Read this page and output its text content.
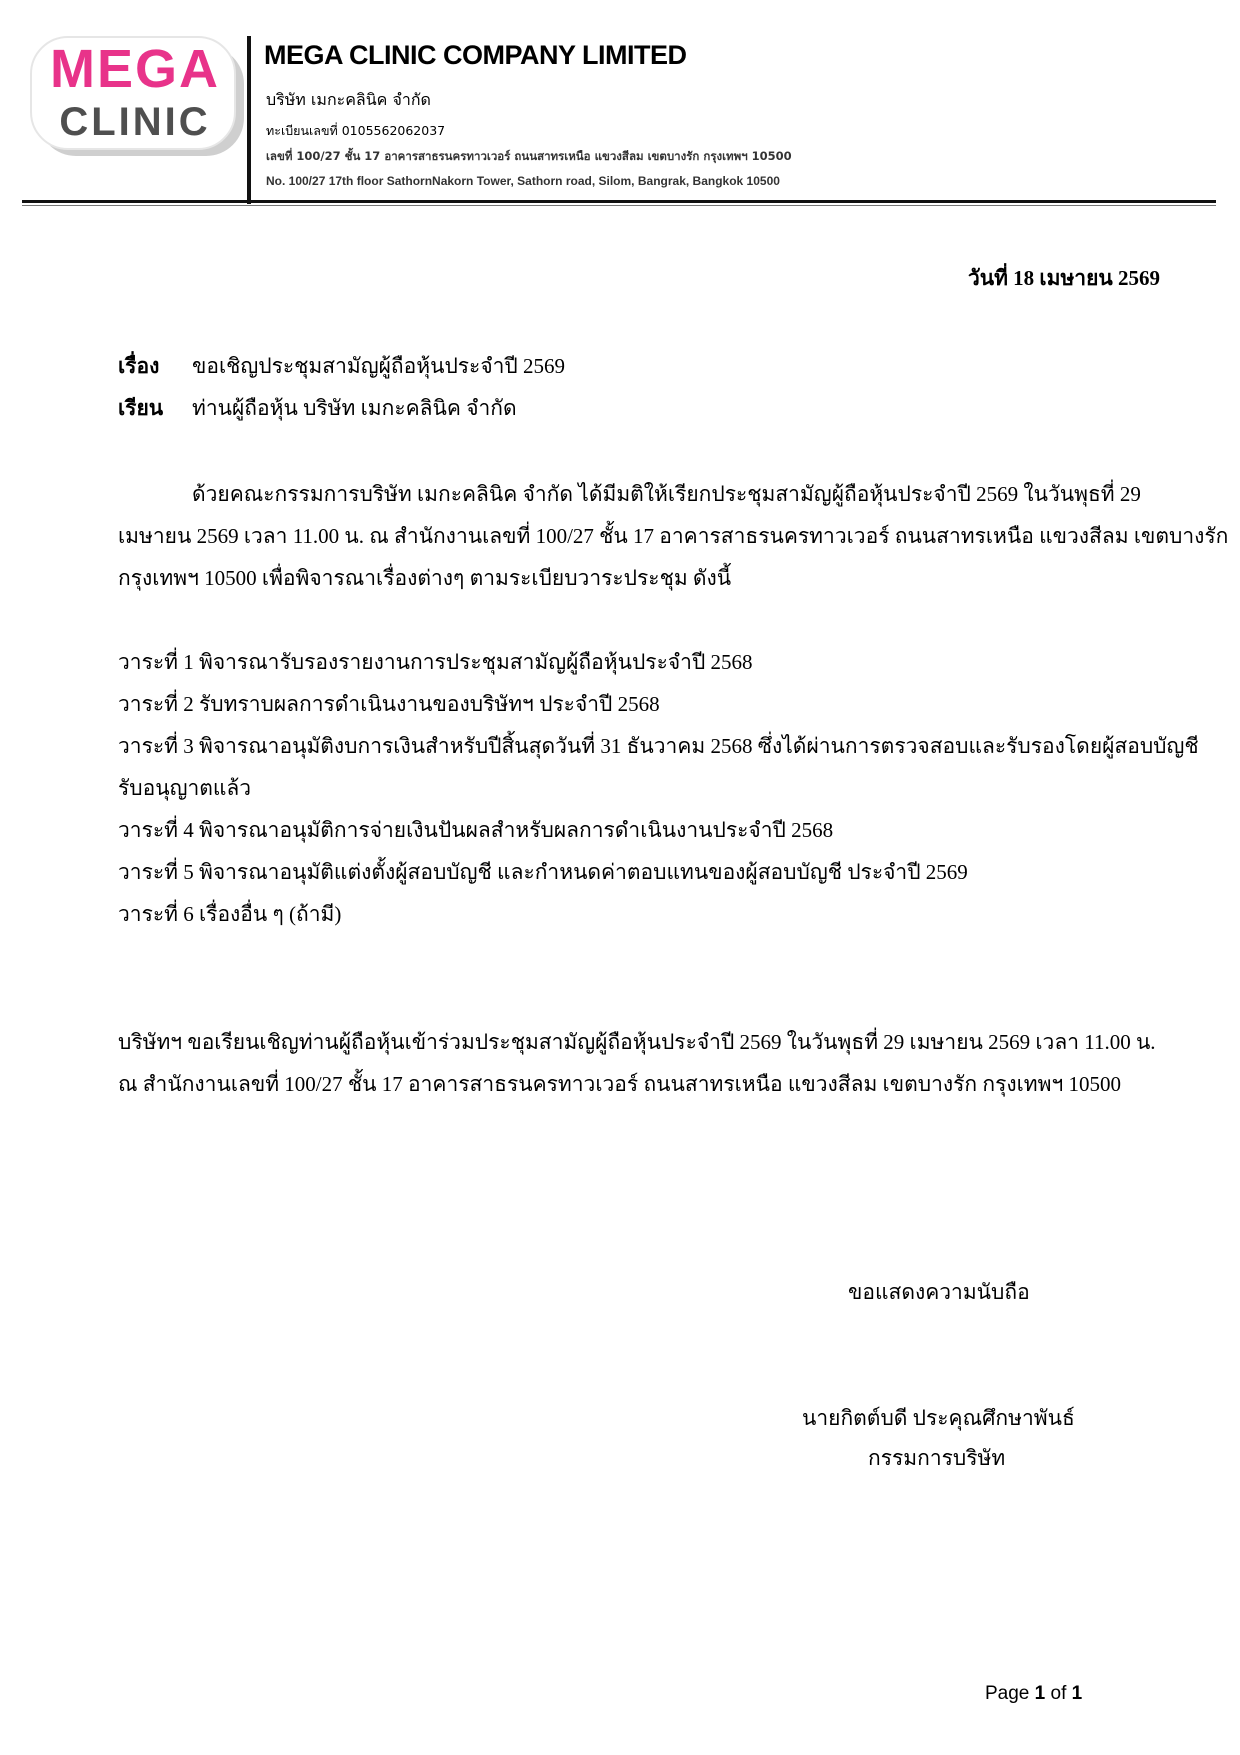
MEGA
CLINIC
MEGA CLINIC COMPANY LIMITED
บริษัท เมกะคลินิค จำกัด
ทะเบียนเลขที่ 0105562062037
เลขที่ 100/27 ชั้น 17 อาคารสาธรนครทาวเวอร์ ถนนสาทรเหนือ แขวงสีลม เขตบางรัก กรุงเทพฯ 10500
No. 100/27 17th floor SathornNakorn Tower, Sathorn road, Silom, Bangrak, Bangkok 10500
วันที่ 18 เมษายน 2569
เรื่อง ขอเชิญประชุมสามัญผู้ถือหุ้นประจำปี 2569
เรียน ท่านผู้ถือหุ้น บริษัท เมกะคลินิค จำกัด
ด้วยคณะกรรมการบริษัท เมกะคลินิค จำกัด ได้มีมติให้เรียกประชุมสามัญผู้ถือหุ้นประจำปี 2569 ในวันพุธที่ 29
เมษายน 2569 เวลา 11.00 น. ณ สำนักงานเลขที่ 100/27 ชั้น 17 อาคารสาธรนครทาวเวอร์ ถนนสาทรเหนือ แขวงสีลม เขตบางรัก
กรุงเทพฯ 10500 เพื่อพิจารณาเรื่องต่างๆ ตามระเบียบวาระประชุม ดังนี้
วาระที่ 1 พิจารณารับรองรายงานการประชุมสามัญผู้ถือหุ้นประจำปี 2568
วาระที่ 2 รับทราบผลการดำเนินงานของบริษัทฯ ประจำปี 2568
วาระที่ 3 พิจารณาอนุมัติงบการเงินสำหรับปีสิ้นสุดวันที่ 31 ธันวาคม 2568 ซึ่งได้ผ่านการตรวจสอบและรับรองโดยผู้สอบบัญชี
รับอนุญาตแล้ว
วาระที่ 4 พิจารณาอนุมัติการจ่ายเงินปันผลสำหรับผลการดำเนินงานประจำปี 2568
วาระที่ 5 พิจารณาอนุมัติแต่งตั้งผู้สอบบัญชี และกำหนดค่าตอบแทนของผู้สอบบัญชี ประจำปี 2569
วาระที่ 6 เรื่องอื่น ๆ (ถ้ามี)
บริษัทฯ ขอเรียนเชิญท่านผู้ถือหุ้นเข้าร่วมประชุมสามัญผู้ถือหุ้นประจำปี 2569 ในวันพุธที่ 29 เมษายน 2569 เวลา 11.00 น.
ณ สำนักงานเลขที่ 100/27 ชั้น 17 อาคารสาธรนครทาวเวอร์ ถนนสาทรเหนือ แขวงสีลม เขตบางรัก กรุงเทพฯ 10500
ขอแสดงความนับถือ
นายกิตต์บดี ประคุณศึกษาพันธ์
กรรมการบริษัท
Page 1 of 1
